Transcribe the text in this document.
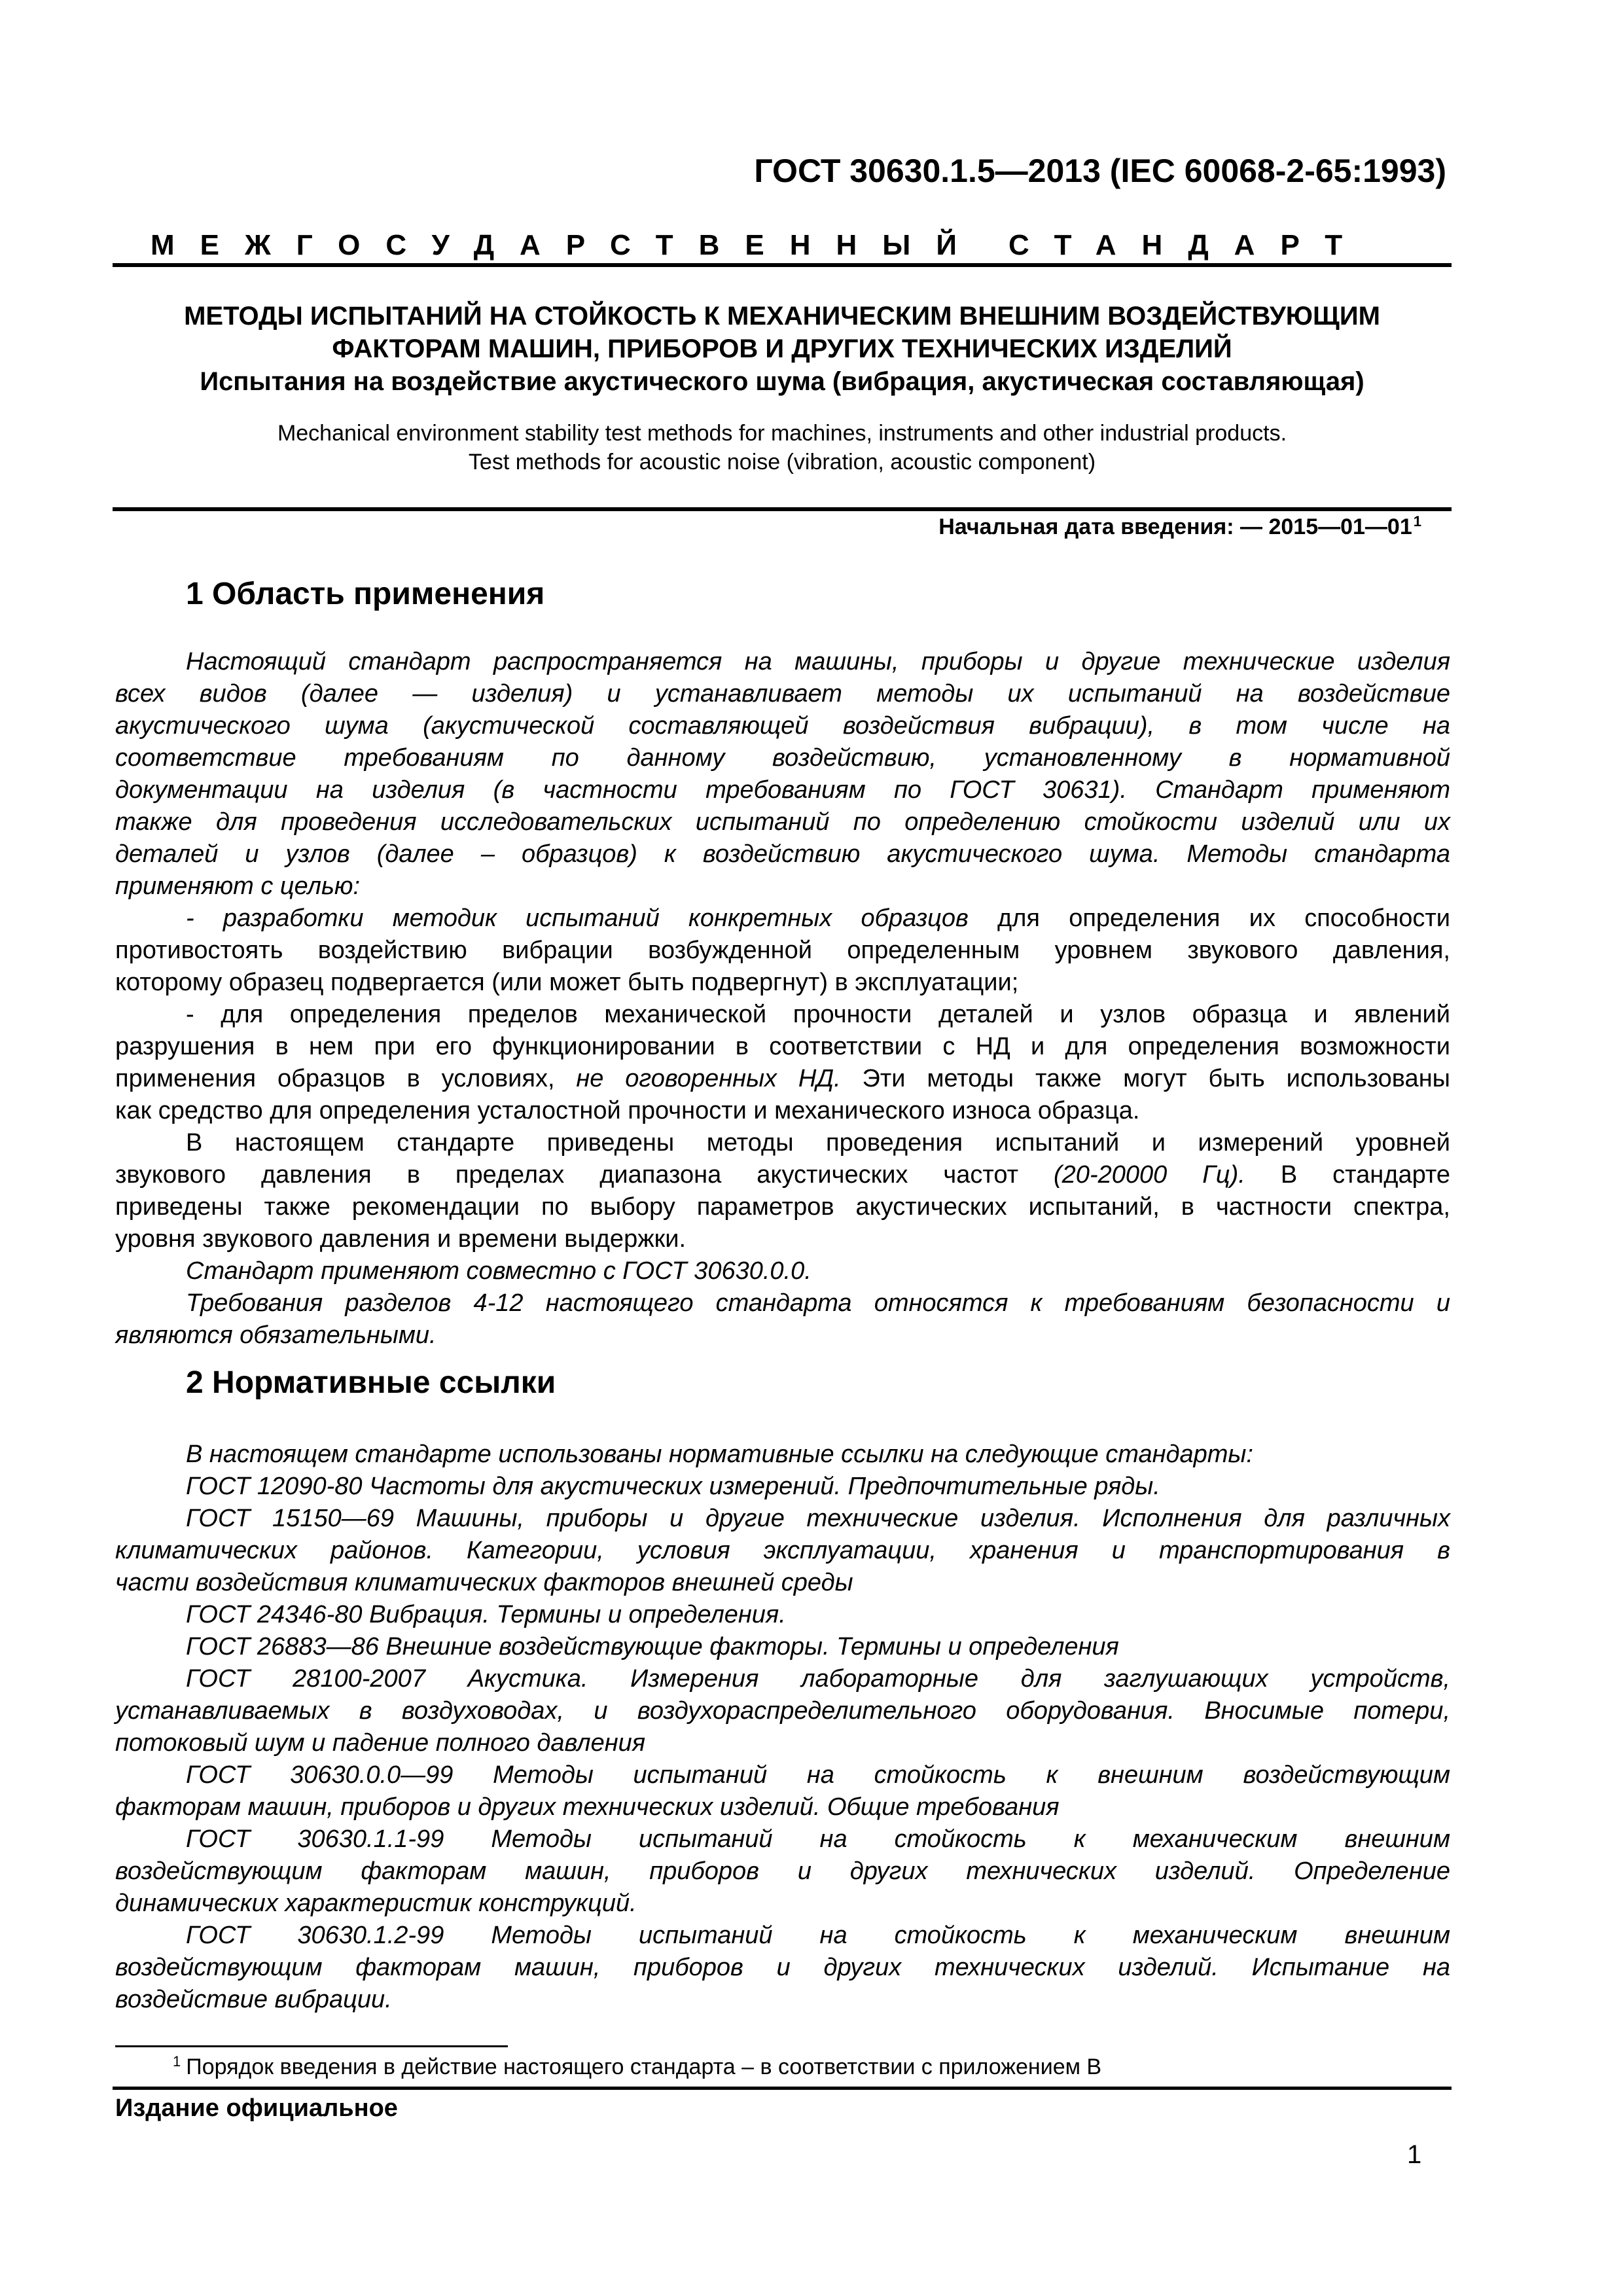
ГОСТ 30630.1.5—2013 (IEC 60068-2-65:1993)
МЕЖГОСУДАРСТВЕННЫЙ СТАНДАРТ
МЕТОДЫ ИСПЫТАНИЙ НА СТОЙКОСТЬ К МЕХАНИЧЕСКИМ ВНЕШНИМ ВОЗДЕЙСТВУЮЩИМ
ФАКТОРАМ МАШИН, ПРИБОРОВ И ДРУГИХ ТЕХНИЧЕСКИХ ИЗДЕЛИЙ
Испытания на воздействие акустического шума (вибрация, акустическая составляющая)
Mechanical environment stability test methods for machines, instruments and other industrial products.
Test methods for acoustic noise (vibration, acoustic component)
Начальная дата введения: — $2015—01—01^1$
1 Область применения
Настоящий стандарт распространяется на машины, приборы и другие технические изделия
всех видов (далее — изделия) и устанавливает методы их испытаний на воздействие
акустического шума (акустической составляющей воздействия вибрации), в том числе на
соответствие требованиям по данному воздействию, установленному в нормативной
документации на изделия (в частности требованиям по ГОСТ 30631). Стандарт применяют
также для проведения исследовательских испытаний по определению стойкости изделий или их
деталей и узлов (далее – образцов) к воздействию акустического шума. Методы стандарта
применяют с целью:
- разработки методик испытаний конкретных образцов для определения их способности
противостоять воздействию вибрации возбужденной определенным уровнем звукового давления,
которому образец подвергается (или может быть подвергнут) в эксплуатации;
- для определения пределов механической прочности деталей и узлов образца и явлений
разрушения в нем при его функционировании в соответствии с НД и для определения возможности
применения образцов в условиях, не оговоренных НД. Эти методы также могут быть использованы
как средство для определения усталостной прочности и механического износа образца.
В настоящем стандарте приведены методы проведения испытаний и измерений уровней
звукового давления в пределах диапазона акустических частот (20-20000 Гц). В стандарте
приведены также рекомендации по выбору параметров акустических испытаний, в частности спектра,
уровня звукового давления и времени выдержки.
Стандарт применяют совместно с ГОСТ 30630.0.0.
Требования разделов 4-12 настоящего стандарта относятся к требованиям безопасности и
являются обязательными.
2 Нормативные ссылки
В настоящем стандарте использованы нормативные ссылки на следующие стандарты:
ГОСТ 12090-80 Частоты для акустических измерений. Предпочтительные ряды.
ГОСТ 15150—69 Машины, приборы и другие технические изделия. Исполнения для различных
климатических районов. Категории, условия эксплуатации, хранения и транспортирования в
части воздействия климатических факторов внешней среды
ГОСТ 24346-80 Вибрация. Термины и определения.
ГОСТ 26883—86 Внешние воздействующие факторы. Термины и определения
ГОСТ 28100-2007 Акустика. Измерения лабораторные для заглушающих устройств,
устанавливаемых в воздуховодах, и воздухораспределительного оборудования. Вносимые потери,
потоковый шум и падение полного давления
ГОСТ 30630.0.0—99 Методы испытаний на стойкость к внешним воздействующим
факторам машин, приборов и других технических изделий. Общие требования
ГОСТ 30630.1.1-99 Методы испытаний на стойкость к механическим внешним
воздействующим факторам машин, приборов и других технических изделий. Определение
динамических характеристик конструкций.
ГОСТ 30630.1.2-99 Методы испытаний на стойкость к механическим внешним
воздействующим факторам машин, приборов и других технических изделий. Испытание на
воздействие вибрации.
$^1$ Порядок введения в действие настоящего стандарта – в соответствии с приложением В
Издание официальное
1
